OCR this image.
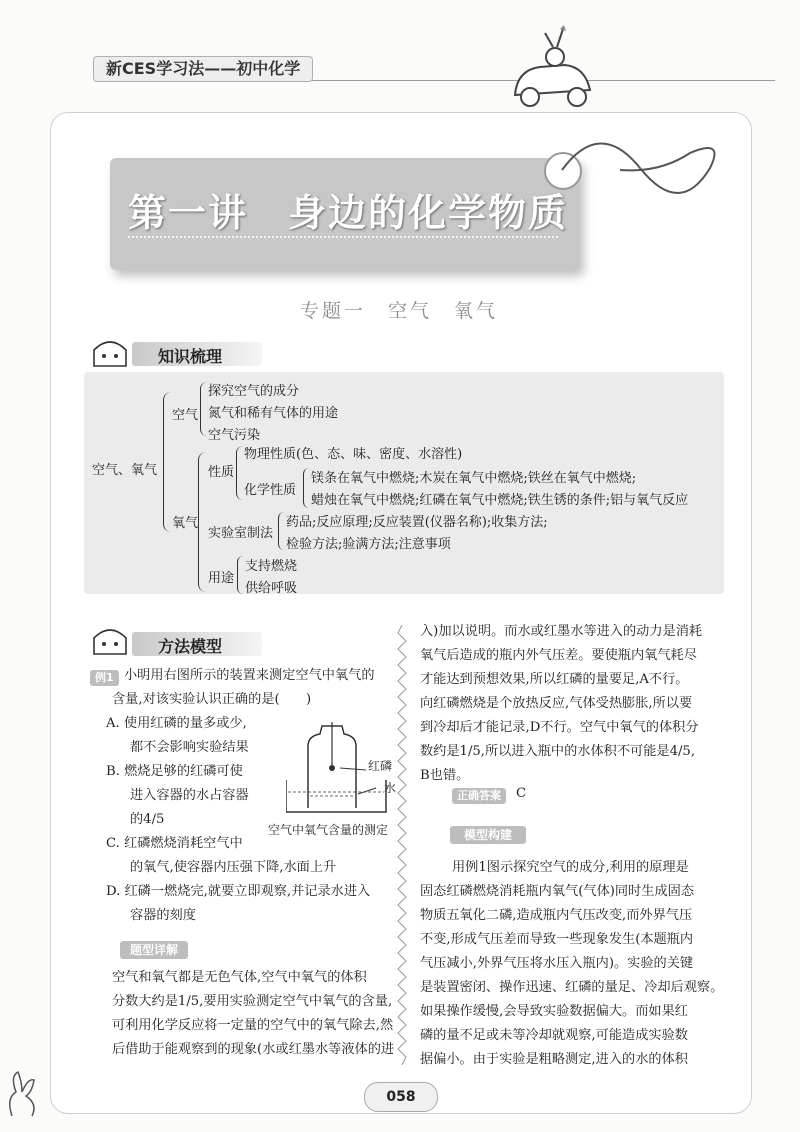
新CES学习法——初中化学
第一讲　身边的化学物质
专题一　空气　氧气
知识梳理
空气、氧气
空气
探究空气的成分
氮气和稀有气体的用途
空气污染
氧气
性质
物理性质(色、态、味、密度、水溶性)
化学性质
镁条在氧气中燃烧;木炭在氧气中燃烧;铁丝在氧气中燃烧;
蜡烛在氧气中燃烧;红磷在氧气中燃烧;铁生锈的条件;铝与氧气反应
实验室制法
药品;反应原理;反应装置(仪器名称);收集方法;
检验方法;验满方法;注意事项
用途
支持燃烧
供给呼吸
方法模型
例1 小明用右图所示的装置来测定空气中氧气的
含量,对该实验认识正确的是(　　)
A. 使用红磷的量多或少,
都不会影响实验结果
B. 燃烧足够的红磷可使
进入容器的水占容器
的4/5
C. 红磷燃烧消耗空气中
的氧气,使容器内压强下降,水面上升
D. 红磷一燃烧完,就要立即观察,并记录水进入
容器的刻度
红磷
水
空气中氧气含量的测定
题型详解
空气和氧气都是无色气体,空气中氧气的体积
分数大约是1/5,要用实验测定空气中氧气的含量,
可利用化学反应将一定量的空气中的氧气除去,然
后借助于能观察到的现象(水或红墨水等液体的进
入)加以说明。而水或红墨水等进入的动力是消耗
氧气后造成的瓶内外气压差。要使瓶内氧气耗尽
才能达到预想效果,所以红磷的量要足,A不行。
向红磷燃烧是个放热反应,气体受热膨胀,所以要
到冷却后才能记录,D不行。空气中氧气的体积分
数约是1/5,所以进入瓶中的水体积不可能是4/5,
B也错。
正确答案	C
模型构建
用例1图示探究空气的成分,利用的原理是
固态红磷燃烧消耗瓶内氧气(气体)同时生成固态
物质五氧化二磷,造成瓶内气压改变,而外界气压
不变,形成气压差而导致一些现象发生(本题瓶内
气压减小,外界气压将水压入瓶内)。实验的关键
是装置密闭、操作迅速、红磷的量足、冷却后观察。
如果操作缓慢,会导致实验数据偏大。而如果红
磷的量不足或未等冷却就观察,可能造成实验数
据偏小。由于实验是粗略测定,进入的水的体积
058
